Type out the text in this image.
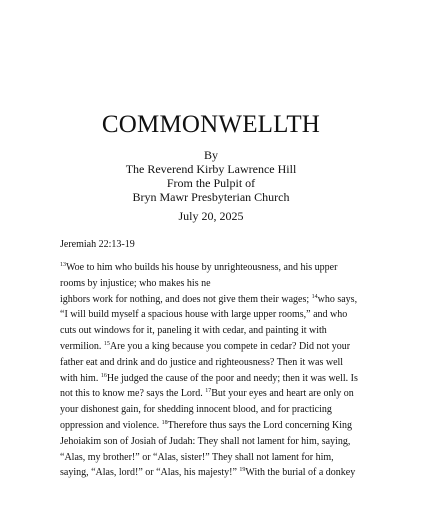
COMMONWELLTH
By
The Reverend Kirby Lawrence Hill
From the Pulpit of
Bryn Mawr Presbyterian Church
July 20, 2025
Jeremiah 22:13-19
$^{13}$Woe to him who builds his house by unrighteousness, and his upper
rooms by injustice; who makes his ne
ighbors work for nothing, and does not give them their wages; $^{14}$who says,
“I will build myself a spacious house with large upper rooms,” and who
cuts out windows for it, paneling it with cedar, and painting it with
vermilion. $^{15}$Are you a king because you compete in cedar? Did not your
father eat and drink and do justice and righteousness? Then it was well
with him. $^{16}$He judged the cause of the poor and needy; then it was well. Is
not this to know me? says the Lord. $^{17}$But your eyes and heart are only on
your dishonest gain, for shedding innocent blood, and for practicing
oppression and violence. $^{18}$Therefore thus says the Lord concerning King
Jehoiakim son of Josiah of Judah: They shall not lament for him, saying,
“Alas, my brother!” or “Alas, sister!” They shall not lament for him,
saying, “Alas, lord!” or “Alas, his majesty!” $^{19}$With the burial of a donkey
